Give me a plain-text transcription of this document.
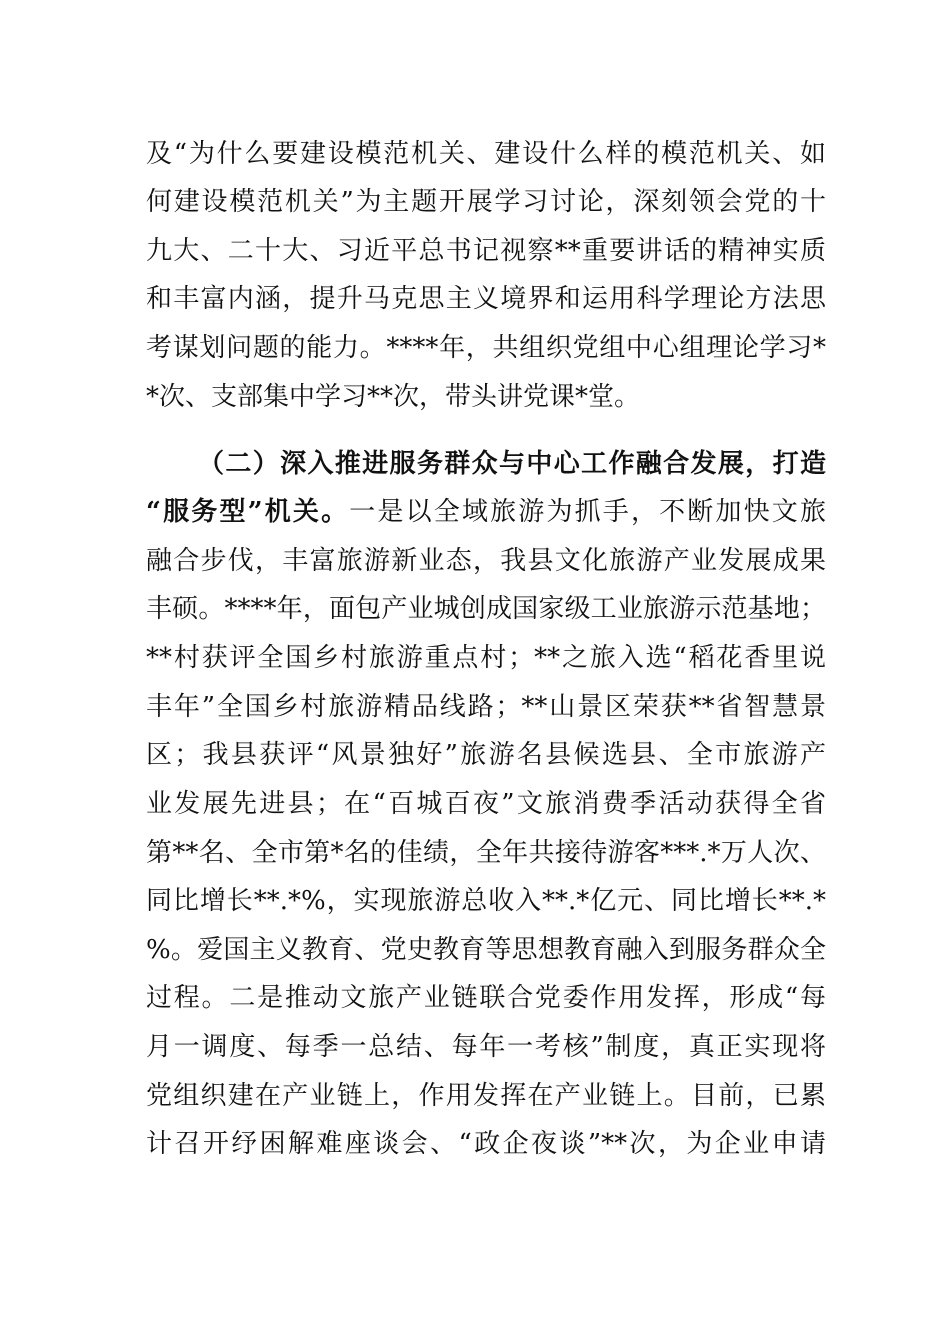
及“为什么要建设模范机关、建设什么样的模范机关、如
何建设模范机关”为主题开展学习讨论，深刻领会党的十
九大、二十大、习近平总书记视察**重要讲话的精神实质
和丰富内涵，提升马克思主义境界和运用科学理论方法思
考谋划问题的能力。****年，共组织党组中心组理论学习*
*次、支部集中学习**次，带头讲党课*堂。
（二）深入推进服务群众与中心工作融合发展，打造
“服务型”机关。一是以全域旅游为抓手，不断加快文旅
融合步伐，丰富旅游新业态，我县文化旅游产业发展成果
丰硕。****年，面包产业城创成国家级工业旅游示范基地；
**村获评全国乡村旅游重点村；**之旅入选“稻花香里说
丰年”全国乡村旅游精品线路；**山景区荣获**省智慧景
区；我县获评“风景独好”旅游名县候选县、全市旅游产
业发展先进县；在“百城百夜”文旅消费季活动获得全省
第**名、全市第*名的佳绩，全年共接待游客***.*万人次、
同比增长**.*%，实现旅游总收入**.*亿元、同比增长**.*
%。爱国主义教育、党史教育等思想教育融入到服务群众全
过程。二是推动文旅产业链联合党委作用发挥，形成“每
月一调度、每季一总结、每年一考核”制度，真正实现将
党组织建在产业链上，作用发挥在产业链上。目前，已累
计召开纾困解难座谈会、“政企夜谈”**次，为企业申请
